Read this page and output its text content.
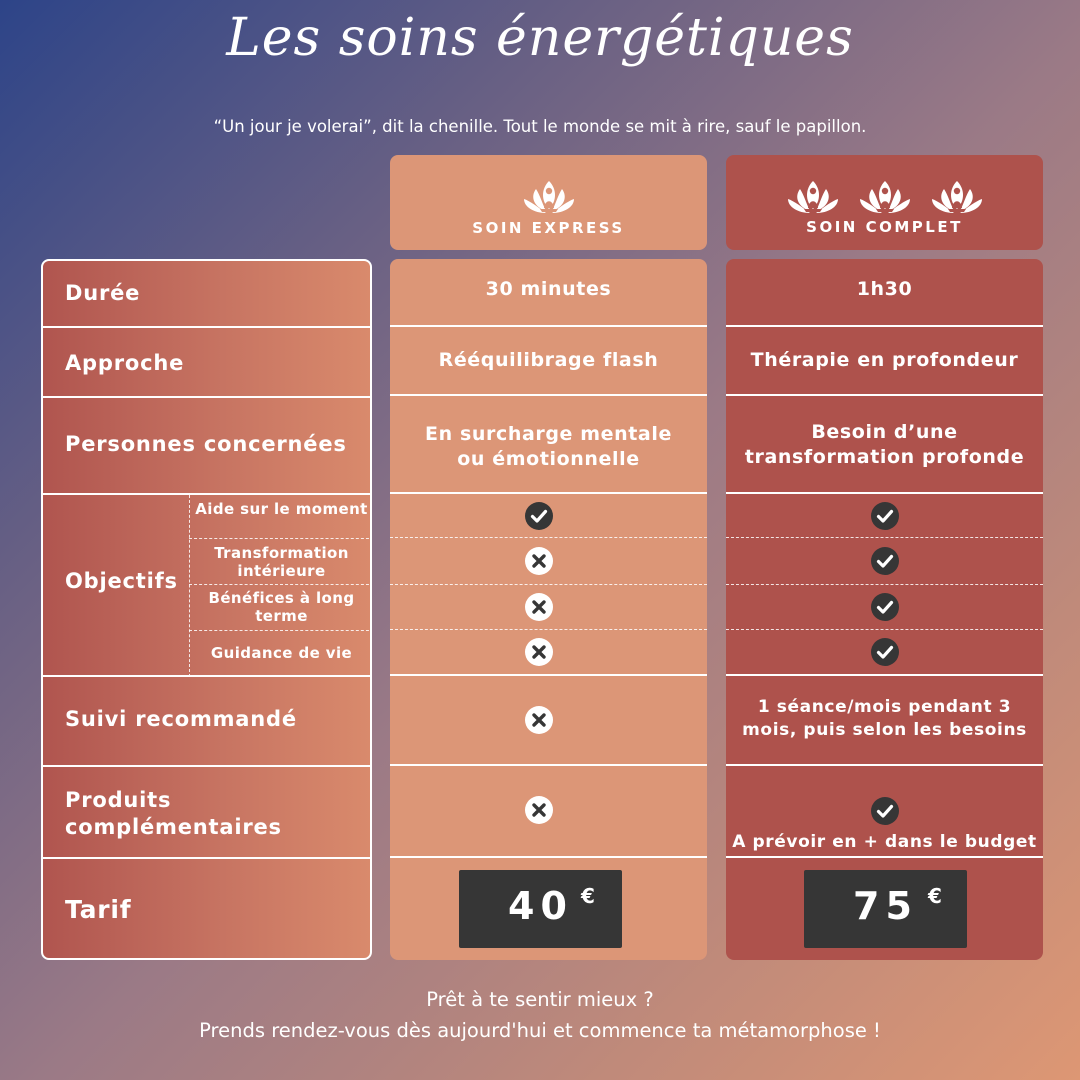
Les soins énergétiques
“Un jour je volerai”, dit la chenille. Tout le monde se mit à rire, sauf le papillon.
SOIN EXPRESS	SOIN COMPLET
Durée
Approche
Personnes concernées
Objectifs
Aide sur le moment
Transformation intérieure
Bénéfices à long terme
Guidance de vie
Suivi recommandé
Produits complémentaires
Tarif
30 minutes
Rééquilibrage flash
En surcharge mentale ou émotionnelle
40 €
1h30
Thérapie en profondeur
Besoin d’une transformation profonde
1 séance/mois pendant 3 mois, puis selon les besoins
A prévoir en + dans le budget
75 €
Prêt à te sentir mieux ?
Prends rendez-vous dès aujourd'hui et commence ta métamorphose !
